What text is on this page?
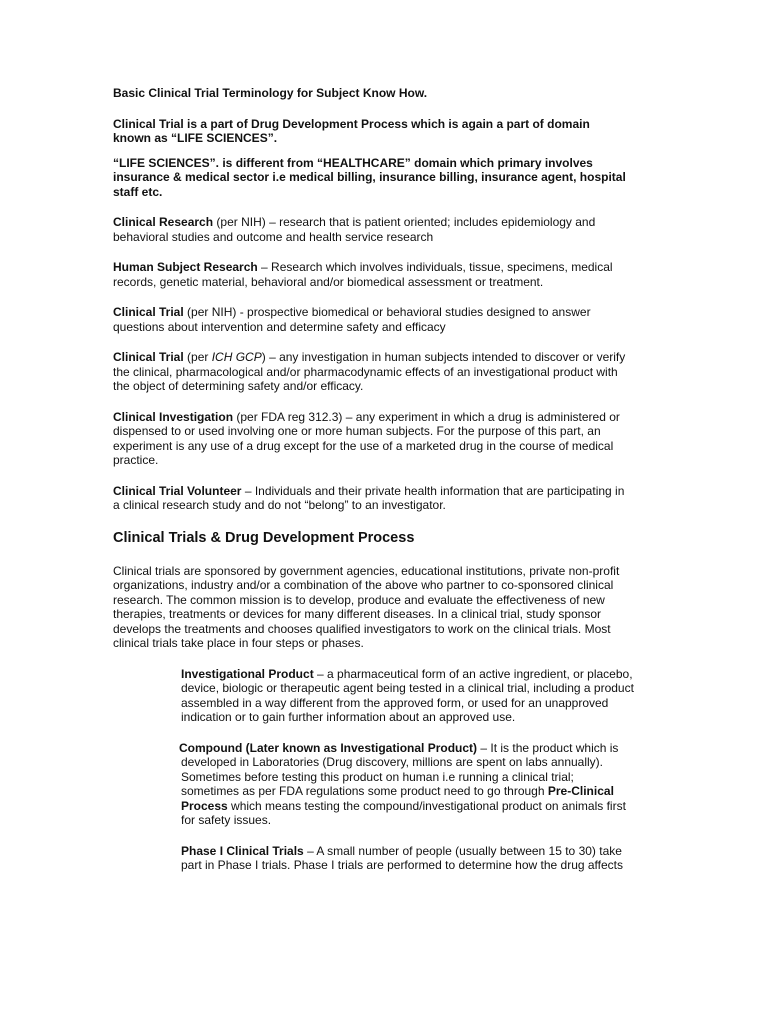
Basic Clinical Trial Terminology for Subject Know How.

Clinical Trial is a part of Drug Development Process which is again a part of domain
known as “LIFE SCIENCES”.

“LIFE SCIENCES”. is different from “HEALTHCARE” domain which primary involves
insurance & medical sector i.e medical billing, insurance billing, insurance agent, hospital
staff etc.

Clinical Research (per NIH) – research that is patient oriented; includes epidemiology and
behavioral studies and outcome and health service research

Human Subject Research – Research which involves individuals, tissue, specimens, medical
records, genetic material, behavioral and/or biomedical assessment or treatment.

Clinical Trial (per NIH) - prospective biomedical or behavioral studies designed to answer
questions about intervention and determine safety and efficacy

Clinical Trial (per ICH GCP) – any investigation in human subjects intended to discover or verify
the clinical, pharmacological and/or pharmacodynamic effects of an investigational product with
the object of determining safety and/or efficacy.

Clinical Investigation (per FDA reg 312.3) – any experiment in which a drug is administered or
dispensed to or used involving one or more human subjects. For the purpose of this part, an
experiment is any use of a drug except for the use of a marketed drug in the course of medical
practice.

Clinical Trial Volunteer – Individuals and their private health information that are participating in
a clinical research study and do not “belong” to an investigator.

Clinical Trials & Drug Development Process

Clinical trials are sponsored by government agencies, educational institutions, private non-profit
organizations, industry and/or a combination of the above who partner to co-sponsored clinical
research. The common mission is to develop, produce and evaluate the effectiveness of new
therapies, treatments or devices for many different diseases. In a clinical trial, study sponsor
develops the treatments and chooses qualified investigators to work on the clinical trials. Most
clinical trials take place in four steps or phases.

Investigational Product – a pharmaceutical form of an active ingredient, or placebo,
device, biologic or therapeutic agent being tested in a clinical trial, including a product
assembled in a way different from the approved form, or used for an unapproved
indication or to gain further information about an approved use.

Compound (Later known as Investigational Product) – It is the product which is
developed in Laboratories (Drug discovery, millions are spent on labs annually).
Sometimes before testing this product on human i.e running a clinical trial;
sometimes as per FDA regulations some product need to go through Pre-Clinical
Process which means testing the compound/investigational product on animals first
for safety issues.

Phase I Clinical Trials – A small number of people (usually between 15 to 30) take
part in Phase I trials. Phase I trials are performed to determine how the drug affects
